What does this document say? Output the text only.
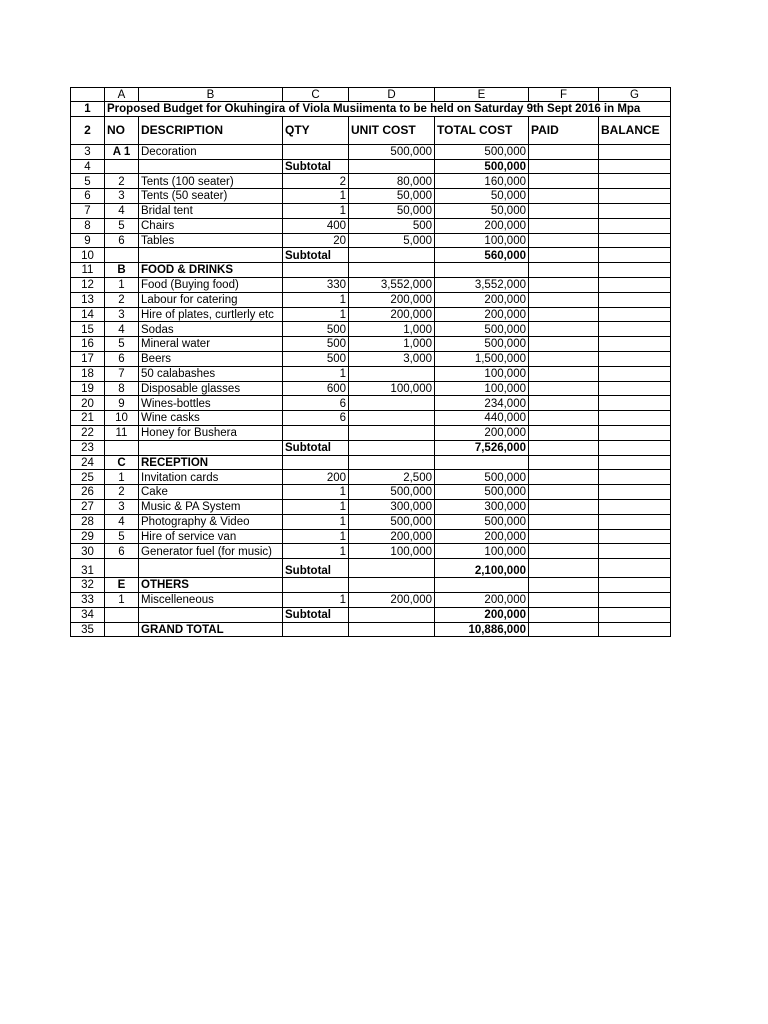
	A	B	C	D	E	F	G
1	Proposed Budget for Okuhingira of Viola Musiimenta to be held on Saturday 9th Sept 2016 in Mpa						
2	NO	DESCRIPTION	QTY	UNIT COST	TOTAL COST	PAID	BALANCE
3	A 1	Decoration		500,000	500,000		
4			Subtotal		500,000		
5	2	Tents (100 seater)	2	80,000	160,000		
6	3	Tents (50 seater)	1	50,000	50,000		
7	4	Bridal tent	1	50,000	50,000		
8	5	Chairs	400	500	200,000		
9	6	Tables	20	5,000	100,000		
10			Subtotal		560,000		
11	B	FOOD & DRINKS					
12	1	Food (Buying food)	330	3,552,000	3,552,000		
13	2	Labour for catering	1	200,000	200,000		
14	3	Hire of plates, curtlerly etc	1	200,000	200,000		
15	4	Sodas	500	1,000	500,000		
16	5	Mineral water	500	1,000	500,000		
17	6	Beers	500	3,000	1,500,000		
18	7	50 calabashes	1		100,000		
19	8	Disposable glasses	600	100,000	100,000		
20	9	Wines-bottles	6		234,000		
21	10	Wine casks	6		440,000		
22	11	Honey for Bushera			200,000		
23			Subtotal		7,526,000		
24	C	RECEPTION					
25	1	Invitation cards	200	2,500	500,000		
26	2	Cake	1	500,000	500,000		
27	3	Music & PA System	1	300,000	300,000		
28	4	Photography & Video	1	500,000	500,000		
29	5	Hire of service van	1	200,000	200,000		
30	6	Generator fuel (for music)	1	100,000	100,000		
31			Subtotal		2,100,000		
32	E	OTHERS					
33	1	Miscelleneous	1	200,000	200,000		
34			Subtotal		200,000		
35		GRAND TOTAL			10,886,000		
